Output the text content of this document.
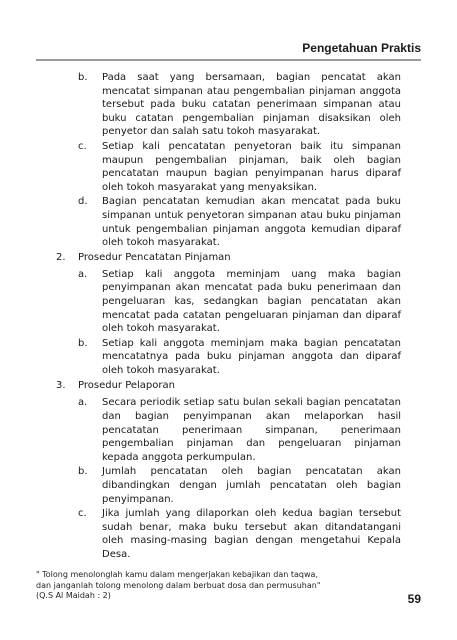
Pengetahuan Praktis
b. Pada saat yang bersamaan, bagian pencatat akan mencatat simpanan atau pengembalian pinjaman anggota tersebut pada buku catatan penerimaan simpanan atau buku catatan pengembalian pinjaman disaksikan oleh penyetor dan salah satu tokoh masyarakat.
c. Setiap kali pencatatan penyetoran baik itu simpanan maupun pengembalian pinjaman, baik oleh bagian pencatatan maupun bagian penyimpanan harus diparaf oleh tokoh masyarakat yang menyaksikan.
d. Bagian pencatatan kemudian akan mencatat pada buku simpanan untuk penyetoran simpanan atau buku pinjaman untuk pengembalian pinjaman anggota kemudian diparaf oleh tokoh masyarakat.
2. Prosedur Pencatatan Pinjaman
a. Setiap kali anggota meminjam uang maka bagian penyimpanan akan mencatat pada buku penerimaan dan pengeluaran kas, sedangkan bagian pencatatan akan mencatat pada catatan pengeluaran pinjaman dan diparaf oleh tokoh masyarakat.
b. Setiap kali anggota meminjam maka bagian pencatatan mencatatnya pada buku pinjaman anggota dan diparaf oleh tokoh masyarakat.
3. Prosedur Pelaporan
a. Secara periodik setiap satu bulan sekali bagian pencatatan dan bagian penyimpanan akan melaporkan hasil pencatatan penerimaan simpanan, penerimaan pengembalian pinjaman dan pengeluaran pinjaman kepada anggota perkumpulan.
b. Jumlah pencatatan oleh bagian pencatatan akan dibandingkan dengan jumlah pencatatan oleh bagian penyimpanan.
c. Jika jumlah yang dilaporkan oleh kedua bagian tersebut sudah benar, maka buku tersebut akan ditandatangani oleh masing-masing bagian dengan mengetahui Kepala Desa.
" Tolong menolonglah kamu dalam mengerjakan kebajikan dan taqwa,
dan janganlah tolong menolong dalam berbuat dosa dan permusuhan"
(Q.S Al Maidah : 2)	59
